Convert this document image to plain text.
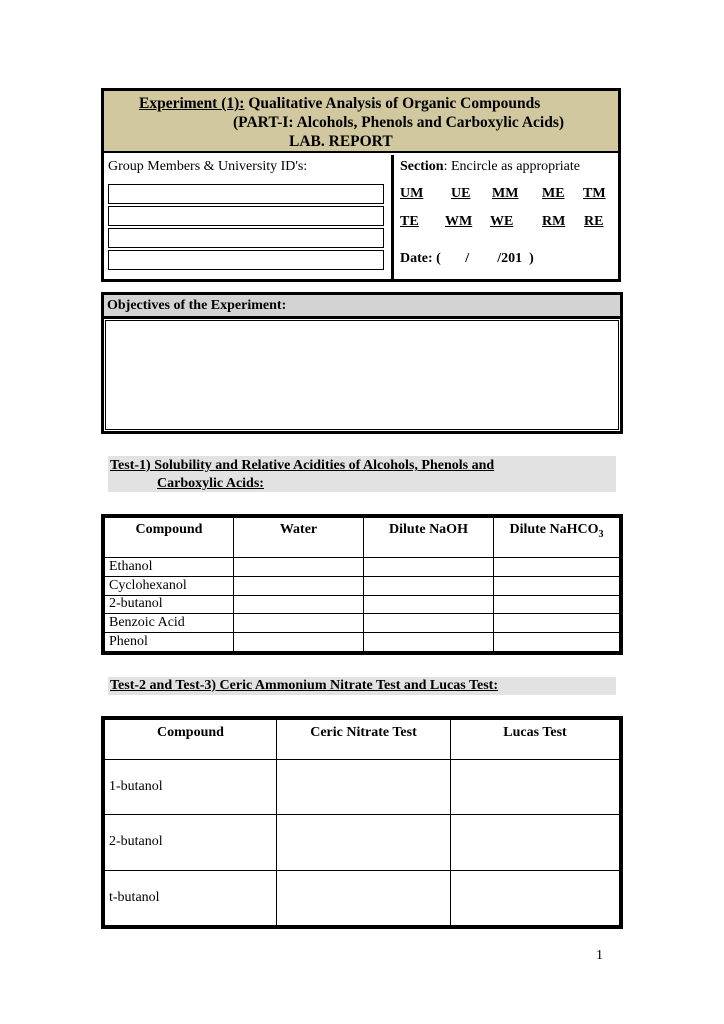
Experiment (1): Qualitative Analysis of Organic Compounds
(PART-I: Alcohols, Phenols and Carboxylic Acids)
LAB. REPORT
Group Members & University ID's:	Section: Encircle as appropriate
UM UE MM ME TM
TE WM WE RM RE
Date: (       /        /201  )
Objectives of the Experiment:
Test-1) Solubility and Relative Acidities of Alcohols, Phenols and
Carboxylic Acids:
Compound	Water	Dilute NaOH	Dilute NaHCO$_3$
Ethanol			
Cyclohexanol			
2-butanol			
Benzoic Acid			
Phenol			
Test-2 and Test-3) Ceric Ammonium Nitrate Test and Lucas Test:
Compound	Ceric Nitrate Test	Lucas Test
1-butanol		
2-butanol		
t-butanol		
1
